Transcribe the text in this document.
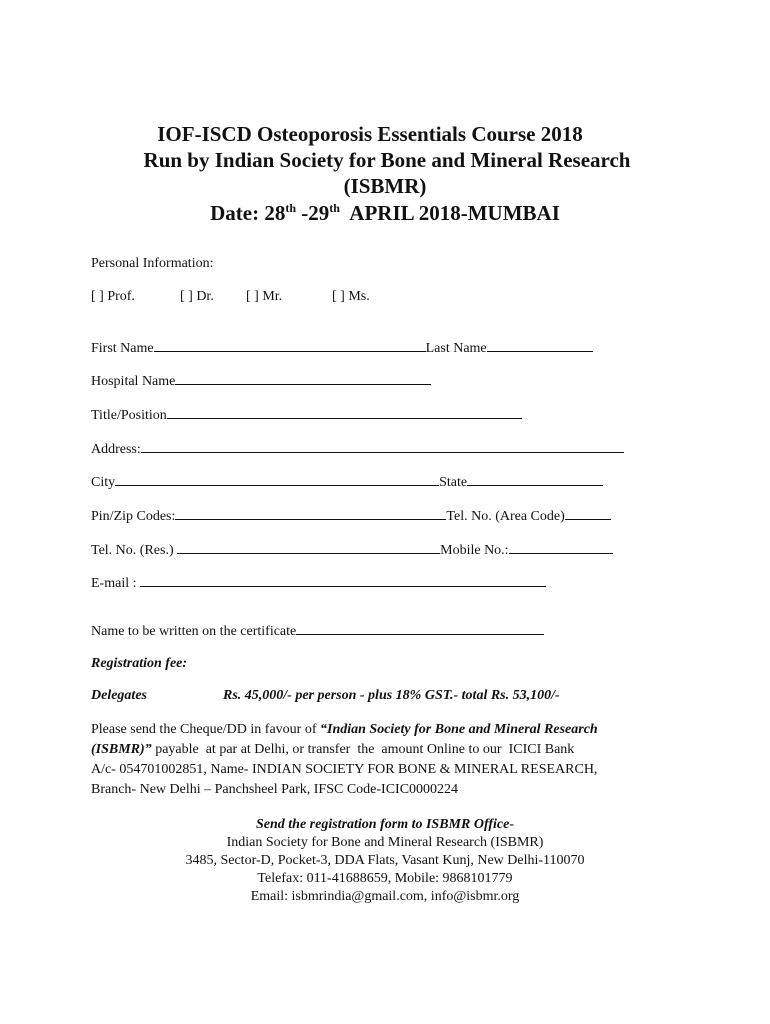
IOF-ISCD Osteoporosis Essentials Course 2018
Run by Indian Society for Bone and Mineral Research
(ISBMR)
Date: 28th -29th  APRIL 2018-MUMBAI
Personal Information:
[ ] Prof.	[ ] Dr. [ ] Mr.	[ ] Ms.
First Name	Last Name
Hospital Name
Title/Position
Address:
City	State
Pin/Zip Codes:	Tel. No. (Area Code)
Tel. No. (Res.)	Mobile No.:
E-mail :
Name to be written on the certificate
Registration fee:
Delegates	Rs. 45,000/- per person - plus 18% GST.- total Rs. 53,100/-
Please send the Cheque/DD in favour of “Indian Society for Bone and Mineral Research
(ISBMR)” payable  at par at Delhi, or transfer  the  amount Online to our  ICICI Bank
A/c- 054701002851, Name- INDIAN SOCIETY FOR BONE & MINERAL RESEARCH,
Branch- New Delhi – Panchsheel Park, IFSC Code-ICIC0000224
Send the registration form to ISBMR Office-
Indian Society for Bone and Mineral Research (ISBMR)
3485, Sector-D, Pocket-3, DDA Flats, Vasant Kunj, New Delhi-110070
Telefax: 011-41688659, Mobile: 9868101779
Email: isbmrindia@gmail.com, info@isbmr.org
